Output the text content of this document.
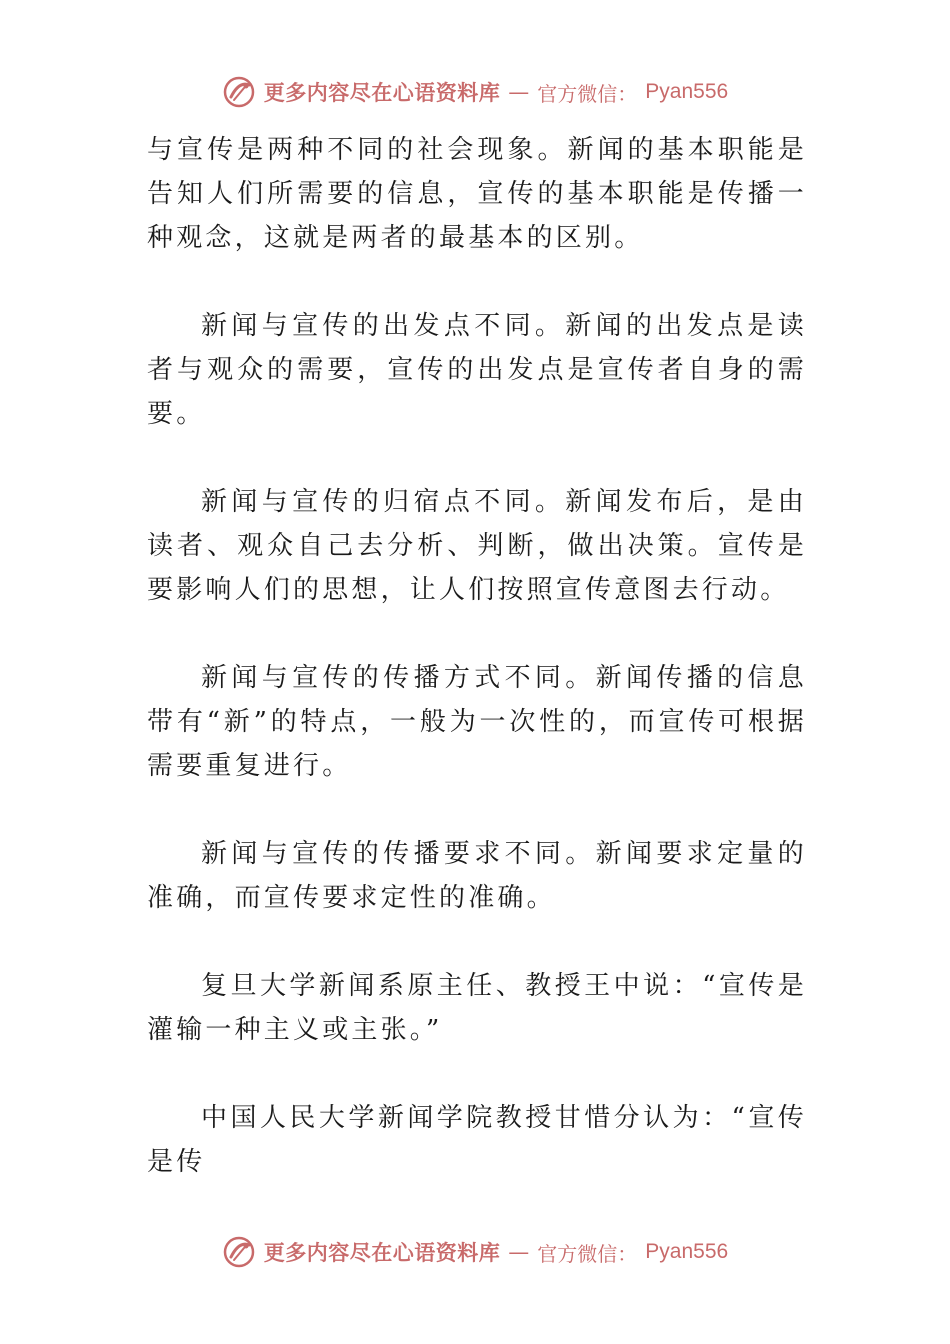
更多内容尽在心语资料库 — 官方微信： Pyan556

与宣传是两种不同的社会现象。新闻的基本职能是告知人们所需要的信息，宣传的基本职能是传播一种观念，这就是两者的最基本的区别。

新闻与宣传的出发点不同。新闻的出发点是读者与观众的需要，宣传的出发点是宣传者自身的需要。

新闻与宣传的归宿点不同。新闻发布后，是由读者、观众自己去分析、判断，做出决策。宣传是要影响人们的思想，让人们按照宣传意图去行动。

新闻与宣传的传播方式不同。新闻传播的信息带有“新”的特点，一般为一次性的，而宣传可根据需要重复进行。

新闻与宣传的传播要求不同。新闻要求定量的准确，而宣传要求定性的准确。

复旦大学新闻系原主任、教授王中说：“宣传是灌输一种主义或主张。”

中国人民大学新闻学院教授甘惜分认为：“宣传是传

更多内容尽在心语资料库 — 官方微信： Pyan556
